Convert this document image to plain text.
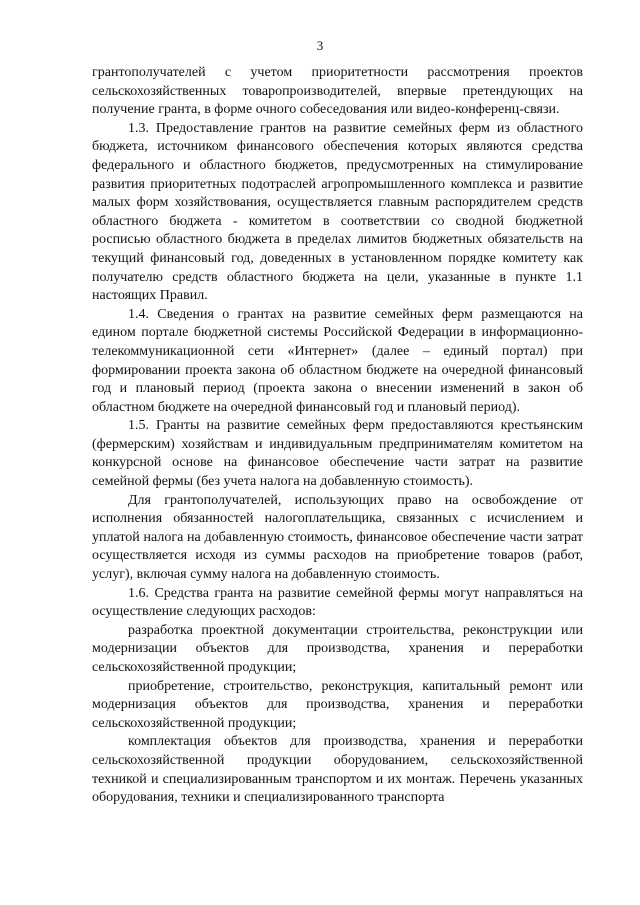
3

грантополучателей с учетом приоритетности рассмотрения проектов сельскохозяйственных товаропроизводителей, впервые претендующих на получение гранта, в форме очного собеседования или видео-конференц-связи.

1.3. Предоставление грантов на развитие семейных ферм из областного бюджета, источником финансового обеспечения которых являются средства федерального и областного бюджетов, предусмотренных на стимулирование развития приоритетных подотраслей агропромышленного комплекса и развитие малых форм хозяйствования, осуществляется главным распорядителем средств областного бюджета - комитетом в соответствии со сводной бюджетной росписью областного бюджета в пределах лимитов бюджетных обязательств на текущий финансовый год, доведенных в установленном порядке комитету как получателю средств областного бюджета на цели, указанные в пункте 1.1 настоящих Правил.

1.4. Сведения о грантах на развитие семейных ферм размещаются на едином портале бюджетной системы Российской Федерации в информационно-телекоммуникационной сети «Интернет» (далее – единый портал) при формировании проекта закона об областном бюджете на очередной финансовый год и плановый период (проекта закона о внесении изменений в закон об областном бюджете на очередной финансовый год и плановый период).

1.5. Гранты на развитие семейных ферм предоставляются крестьянским (фермерским) хозяйствам и индивидуальным предпринимателям комитетом на конкурсной основе на финансовое обеспечение части затрат на развитие семейной фермы (без учета налога на добавленную стоимость).

Для грантополучателей, использующих право на освобождение от исполнения обязанностей налогоплательщика, связанных с исчислением и уплатой налога на добавленную стоимость, финансовое обеспечение части затрат осуществляется исходя из суммы расходов на приобретение товаров (работ, услуг), включая сумму налога на добавленную стоимость.

1.6. Средства гранта на развитие семейной фермы могут направляться на осуществление следующих расходов:

разработка проектной документации строительства, реконструкции или модернизации объектов для производства, хранения и переработки сельскохозяйственной продукции;

приобретение, строительство, реконструкция, капитальный ремонт или модернизация объектов для производства, хранения и переработки сельскохозяйственной продукции;

комплектация объектов для производства, хранения и переработки сельскохозяйственной продукции оборудованием, сельскохозяйственной техникой и специализированным транспортом и их монтаж. Перечень указанных оборудования, техники и специализированного транспорта
